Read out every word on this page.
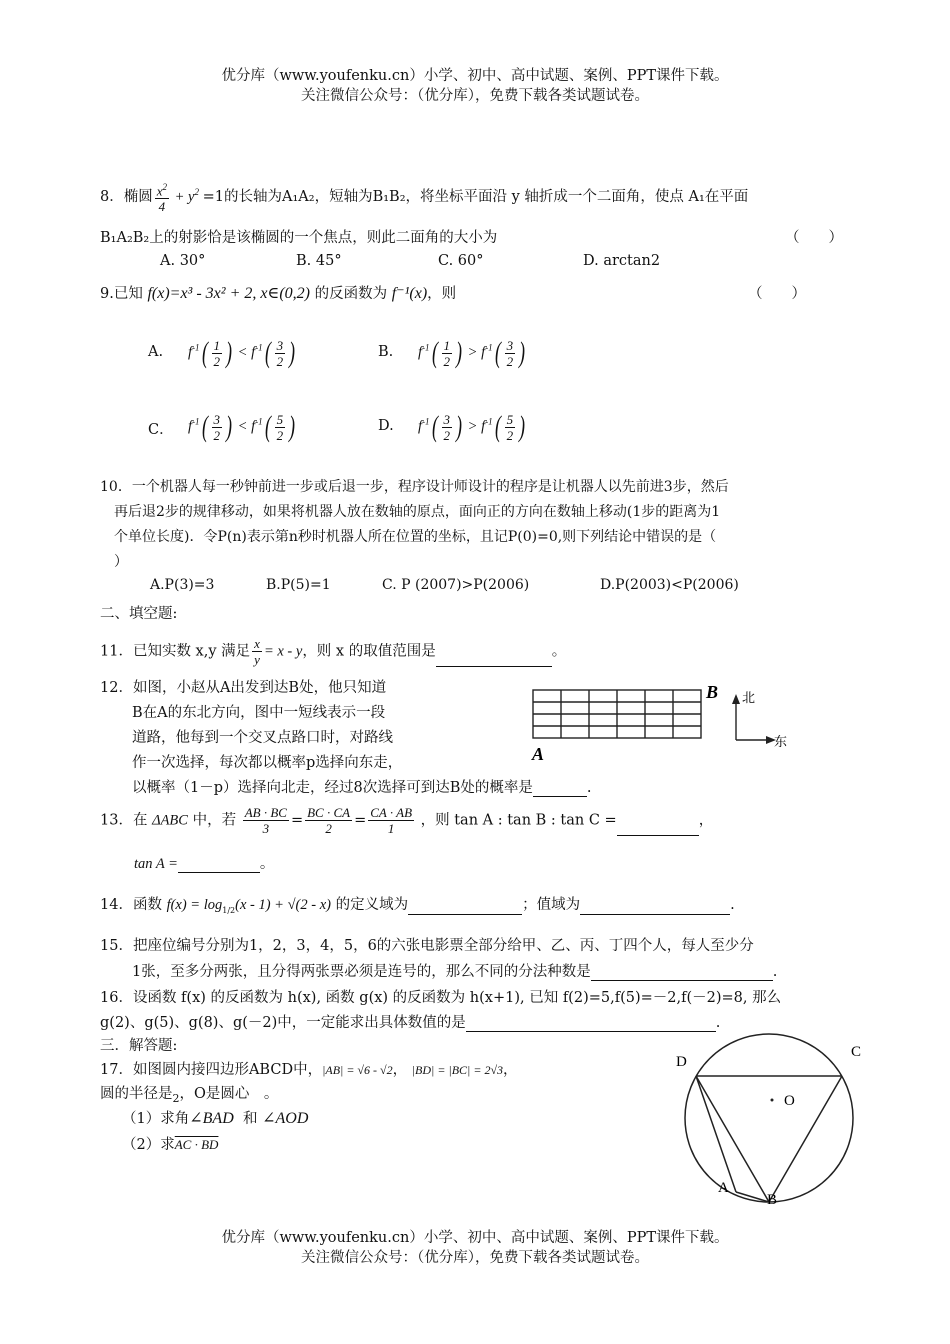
优分库（www.youfenku.cn）小学、初中、高中试题、案例、PPT课件下载。
关注微信公众号：（优分库），免费下载各类试题试卷。
8．椭圆 $\frac{x^2}{4} + y^2 =1$的长轴为A₁A₂，短轴为B₁B₂，将坐标平面沿 y 轴折成一个二面角，使点 A₁在平面
B₁A₂B₂上的射影恰是该椭圆的一个焦点，则此二面角的大小为	（　　）
A. 30°	B. 45°	C. 60°	D. arctan2
9.已知 f(x)=x³ - 3x² + 2, x∈(0,2) 的反函数为 f⁻¹(x)，则	（　　）
A. $f^{-1}( \frac{1}{2}$ ) < $f^{-1}( \frac{3}{2}$ )	B. $f^{-1}( \frac{1}{2}$ ) > $f^{-1}( \frac{3}{2}$ )
C． $f^{-1}( \frac{3}{2}$ ) < $f^{-1}( \frac{5}{2}$ )	D. $f^{-1}( \frac{3}{2}$ ) > $f^{-1}( \frac{5}{2}$ )
10．一个机器人每一秒钟前进一步或后退一步，程序设计师设计的程序是让机器人以先前进3步，然后
再后退2步的规律移动，如果将机器人放在数轴的原点，面向正的方向在数轴上移动(1步的距离为1
个单位长度)．令P(n)表示第n秒时机器人所在位置的坐标，且记P(0)=0,则下列结论中错误的是（
）
A.P(3)=3	B.P(5)=1	C. P (2007)>P(2006)	D.P(2003)<P(2006)
二、填空题:
11．已知实数 x,y 满足 $\frac{x}{y} = x - y$，则 x 的取值范围是	。
12．如图，小赵从A出发到达B处，他只知道
B在A的东北方向，图中一短线表示一段
道路，他每到一个交叉点路口时，对路线
作一次选择，每次都以概率p选择向东走，
以概率（1－p）选择向北走，经过8次选择可到达B处的概率是	.
B
A
北
东
13．在 ΔABC 中，若 $\frac{AB \cdot BC}{3} = \frac{BC \cdot CA}{2} = \frac{CA \cdot AB}{1}$ ，则 tan A : tan B : tan C =	，
tan A =	。
14．函数 $f(x) = \log_{1/2}(x - 1) + √(2 - x)$ 的定义域为	；值域为	.
15．把座位编号分别为1，2，3，4，5，6的六张电影票全部分给甲、乙、丙、丁四个人，每人至少分
1张，至多分两张，且分得两张票必须是连号的，那么不同的分法种数是	.
16．设函数 f(x) 的反函数为 h(x), 函数 g(x) 的反函数为 h(x+1), 已知 f(2)=5,f(5)=－2,f(－2)=8, 那么
g(2)、g(5)、g(8)、g(－2)中，一定能求出具体数值的是	.
三．解答题:
17．如图圆内接四边形ABCD中，|AB| = √6 - √2， |BD| = |BC| = 2√3，
圆的半径是$_2$，O是圆心　。
（1）求角∠BAD 和 ∠AOD
（2）求AC · BD
D
C
O
A
B
优分库（www.youfenku.cn）小学、初中、高中试题、案例、PPT课件下载。
关注微信公众号：（优分库），免费下载各类试题试卷。
